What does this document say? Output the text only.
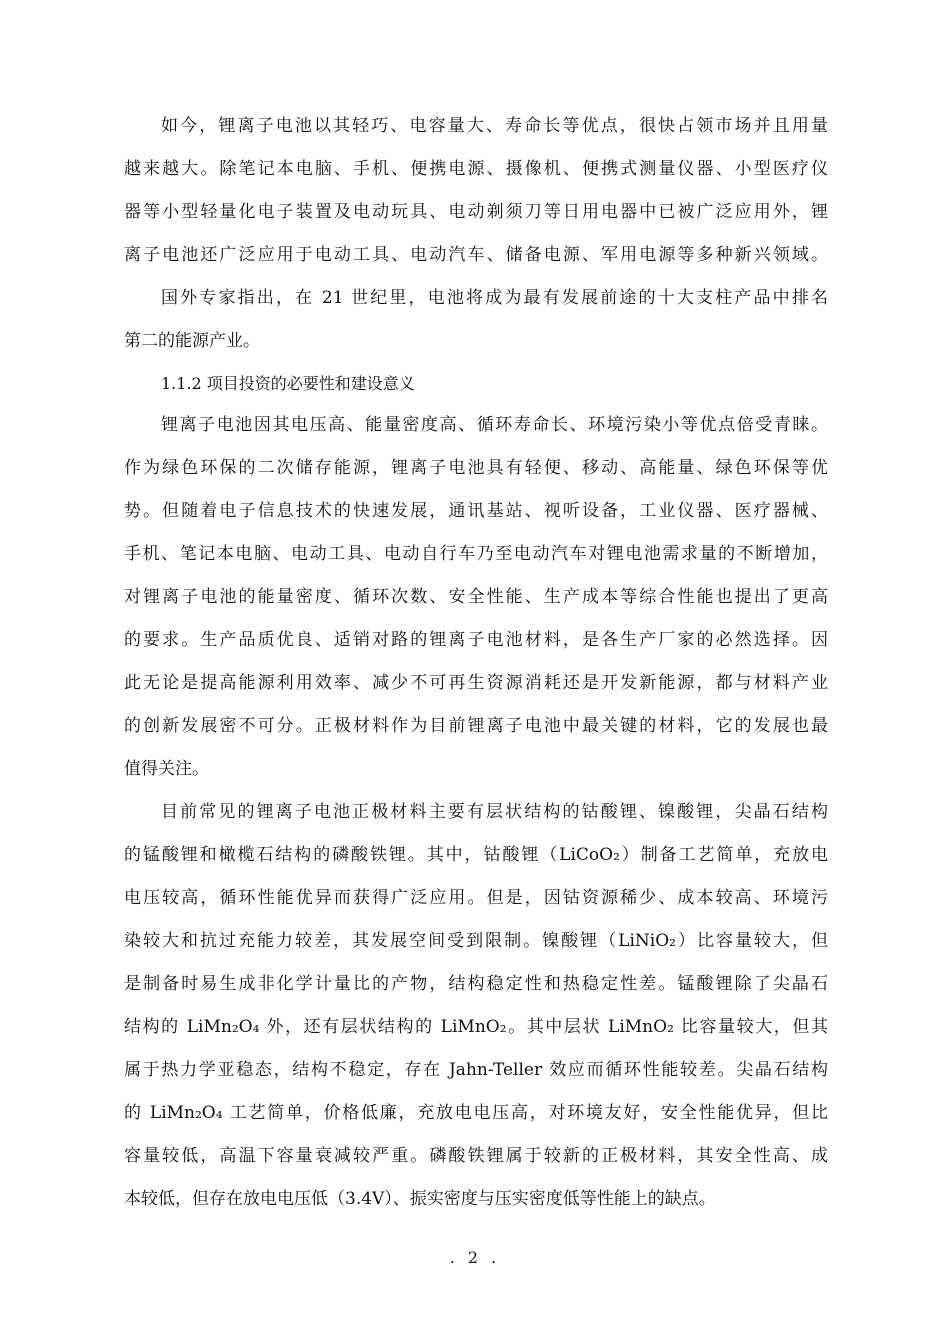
如今，锂离子电池以其轻巧、电容量大、寿命长等优点，很快占领市场并且用量
越来越大。除笔记本电脑、手机、便携电源、摄像机、便携式测量仪器、小型医疗仪
器等小型轻量化电子装置及电动玩具、电动剃须刀等日用电器中已被广泛应用外，锂
离子电池还广泛应用于电动工具、电动汽车、储备电源、军用电源等多种新兴领域。
国外专家指出，在 21 世纪里，电池将成为最有发展前途的十大支柱产品中排名
第二的能源产业。
1.1.2 项目投资的必要性和建设意义
锂离子电池因其电压高、能量密度高、循环寿命长、环境污染小等优点倍受青睐。
作为绿色环保的二次储存能源，锂离子电池具有轻便、移动、高能量、绿色环保等优
势。但随着电子信息技术的快速发展，通讯基站、视听设备，工业仪器、医疗器械、
手机、笔记本电脑、电动工具、电动自行车乃至电动汽车对锂电池需求量的不断增加，
对锂离子电池的能量密度、循环次数、安全性能、生产成本等综合性能也提出了更高
的要求。生产品质优良、适销对路的锂离子电池材料，是各生产厂家的必然选择。因
此无论是提高能源利用效率、减少不可再生资源消耗还是开发新能源，都与材料产业
的创新发展密不可分。正极材料作为目前锂离子电池中最关键的材料，它的发展也最
值得关注。
目前常见的锂离子电池正极材料主要有层状结构的钴酸锂、镍酸锂，尖晶石结构
的锰酸锂和橄榄石结构的磷酸铁锂。其中，钴酸锂（LiCoO₂）制备工艺简单，充放电
电压较高，循环性能优异而获得广泛应用。但是，因钴资源稀少、成本较高、环境污
染较大和抗过充能力较差，其发展空间受到限制。镍酸锂（LiNiO₂）比容量较大，但
是制备时易生成非化学计量比的产物，结构稳定性和热稳定性差。锰酸锂除了尖晶石
结构的 LiMn₂O₄ 外，还有层状结构的 LiMnO₂。其中层状 LiMnO₂ 比容量较大，但其
属于热力学亚稳态，结构不稳定，存在 Jahn-Teller 效应而循环性能较差。尖晶石结构
的 LiMn₂O₄ 工艺简单，价格低廉，充放电电压高，对环境友好，安全性能优异，但比
容量较低，高温下容量衰减较严重。磷酸铁锂属于较新的正极材料，其安全性高、成
本较低，但存在放电电压低（3.4V）、振实密度与压实密度低等性能上的缺点。
. 2 .
